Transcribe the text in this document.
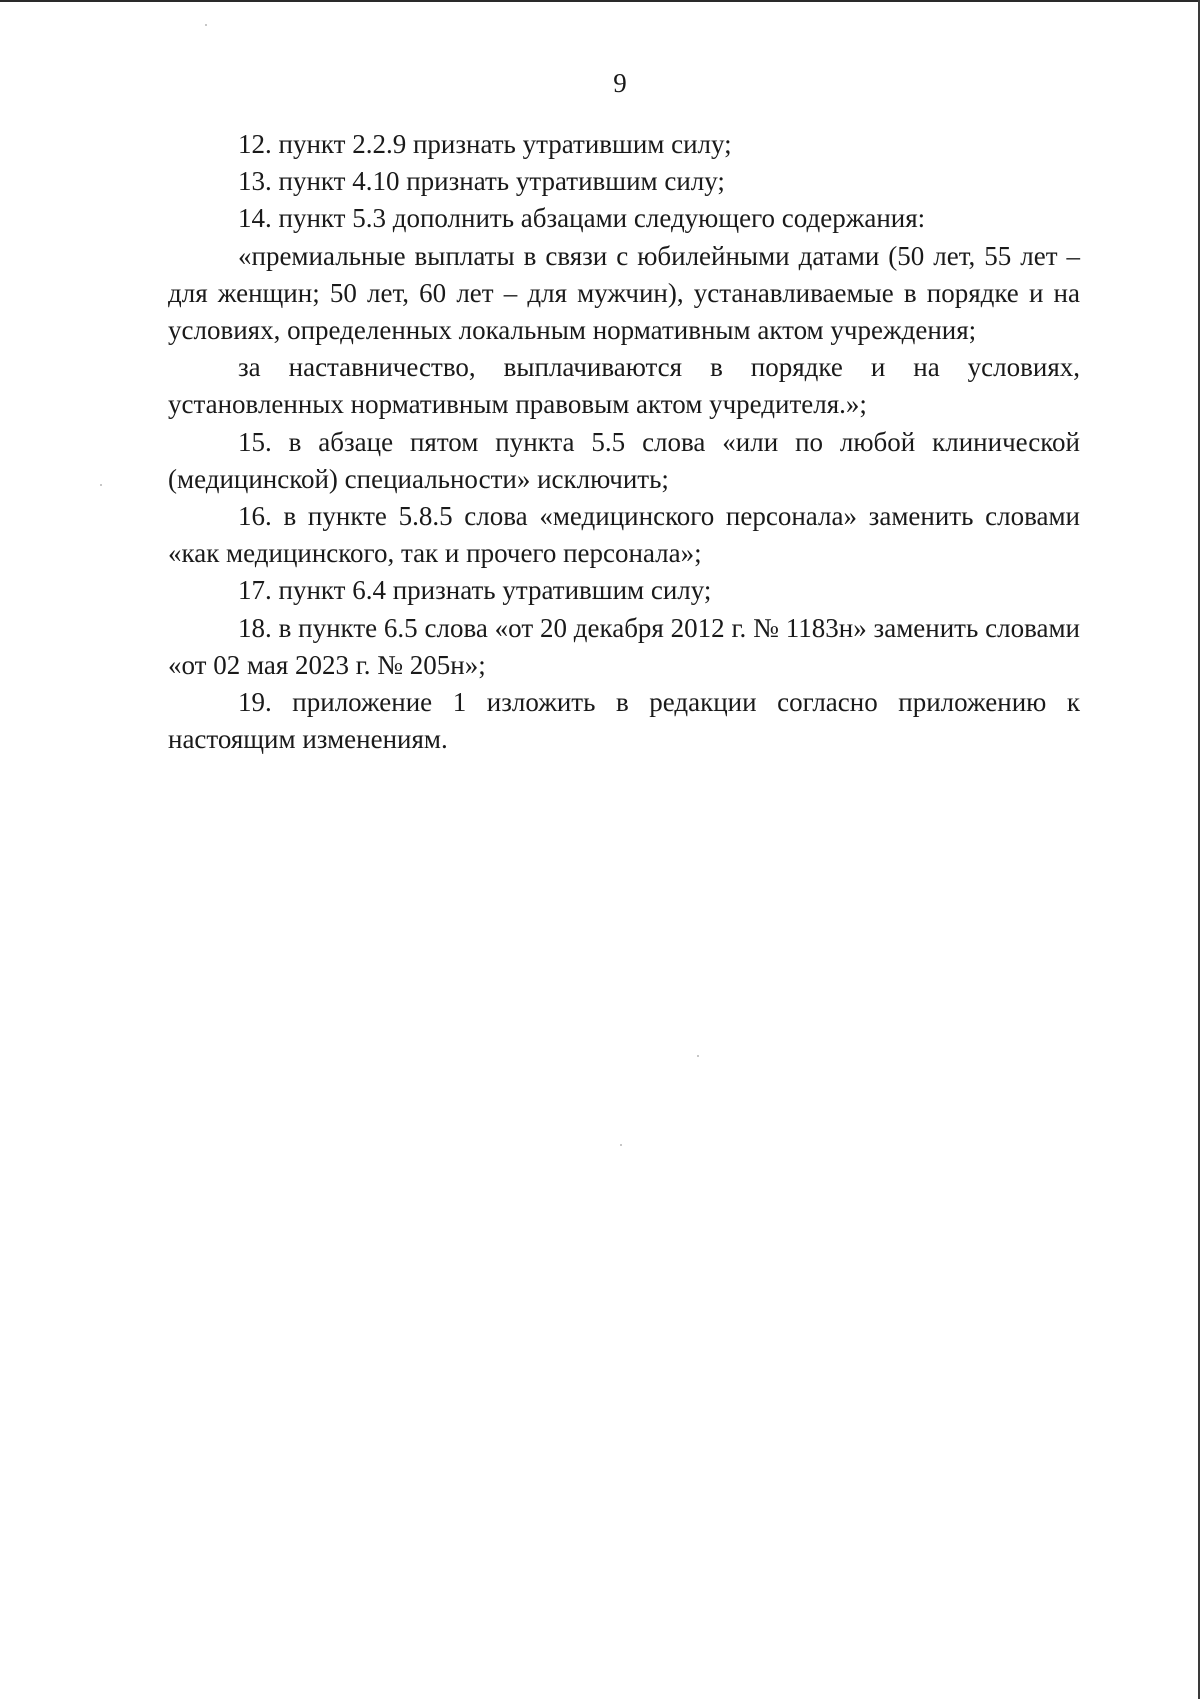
9

12. пункт 2.2.9 признать утратившим силу;

13. пункт 4.10 признать утратившим силу;

14. пункт 5.3 дополнить абзацами следующего содержания:

«премиальные выплаты в связи с юбилейными датами (50 лет, 55 лет – для женщин; 50 лет, 60 лет – для мужчин), устанавливаемые в порядке и на условиях, определенных локальным нормативным актом учреждения;

за наставничество, выплачиваются в порядке и на условиях, установленных нормативным правовым актом учредителя.»;

15. в абзаце пятом пункта 5.5 слова «или по любой клинической (медицинской) специальности» исключить;

16. в пункте 5.8.5 слова «медицинского персонала» заменить словами «как медицинского, так и прочего персонала»;

17. пункт 6.4 признать утратившим силу;

18. в пункте 6.5 слова «от 20 декабря 2012 г. № 1183н» заменить словами «от 02 мая 2023 г. № 205н»;

19. приложение 1 изложить в редакции согласно приложению к настоящим изменениям.
